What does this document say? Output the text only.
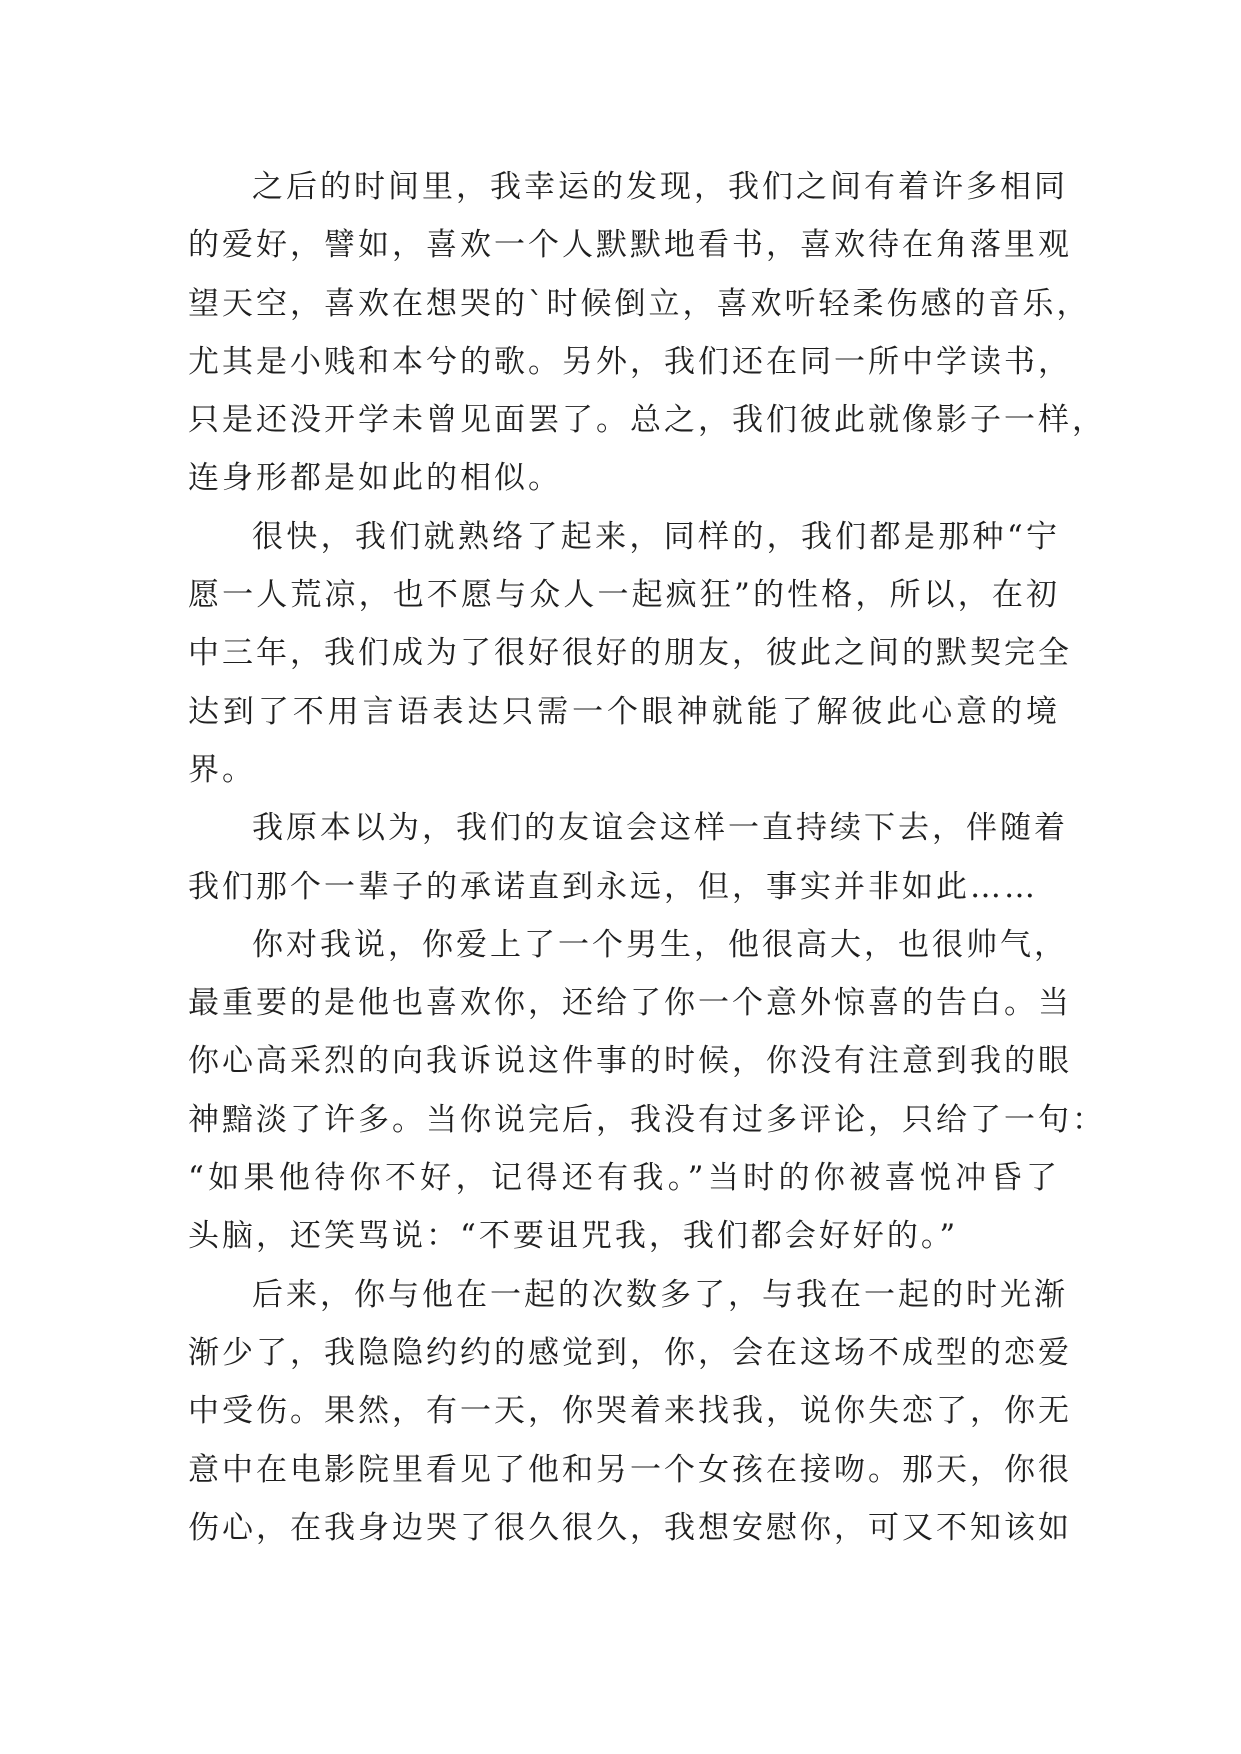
之后的时间里，我幸运的发现，我们之间有着许多相同
的爱好，譬如，喜欢一个人默默地看书，喜欢待在角落里观
望天空，喜欢在想哭的`时候倒立，喜欢听轻柔伤感的音乐，
尤其是小贱和本兮的歌。另外，我们还在同一所中学读书，
只是还没开学未曾见面罢了。总之，我们彼此就像影子一样，
连身形都是如此的相似。
很快，我们就熟络了起来，同样的，我们都是那种“宁
愿一人荒凉，也不愿与众人一起疯狂”的性格，所以，在初
中三年，我们成为了很好很好的朋友，彼此之间的默契完全
达到了不用言语表达只需一个眼神就能了解彼此心意的境
界。
我原本以为，我们的友谊会这样一直持续下去，伴随着
我们那个一辈子的承诺直到永远，但，事实并非如此……
你对我说，你爱上了一个男生，他很高大，也很帅气，
最重要的是他也喜欢你，还给了你一个意外惊喜的告白。当
你心高采烈的向我诉说这件事的时候，你没有注意到我的眼
神黯淡了许多。当你说完后，我没有过多评论，只给了一句：
“如果他待你不好，记得还有我。”当时的你被喜悦冲昏了
头脑，还笑骂说：“不要诅咒我，我们都会好好的。”
后来，你与他在一起的次数多了，与我在一起的时光渐
渐少了，我隐隐约约的感觉到，你，会在这场不成型的恋爱
中受伤。果然，有一天，你哭着来找我，说你失恋了，你无
意中在电影院里看见了他和另一个女孩在接吻。那天，你很
伤心，在我身边哭了很久很久，我想安慰你，可又不知该如
